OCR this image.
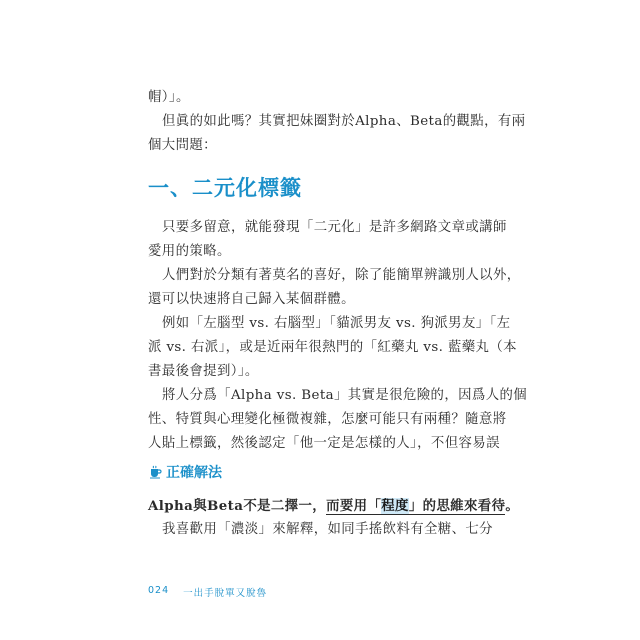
帽）」。

但眞的如此嗎？其實把妹圈對於Alpha、Beta的觀點，有兩

個大問題：

一、二元化標籤

只要多留意，就能發現「二元化」是許多網路文章或講師

愛用的策略。

人們對於分類有著莫名的喜好，除了能簡單辨識別人以外，

還可以快速將自己歸入某個群體。

例如「左腦型 vs. 右腦型」「貓派男友 vs. 狗派男友」「左

派 vs. 右派」，或是近兩年很熱門的「紅藥丸 vs. 藍藥丸（本

書最後會提到）」。

將人分爲「Alpha vs. Beta」其實是很危險的，因爲人的個

性、特質與心理變化極微複雜，怎麼可能只有兩種？隨意將

人貼上標籤，然後認定「他一定是怎樣的人」，不但容易誤

正確解法

Alpha與Beta不是二擇一，而要用「程度」的思維來看待。

我喜歡用「濃淡」來解釋，如同手搖飲料有全糖、七分

024 一出手脫單又脫魯
